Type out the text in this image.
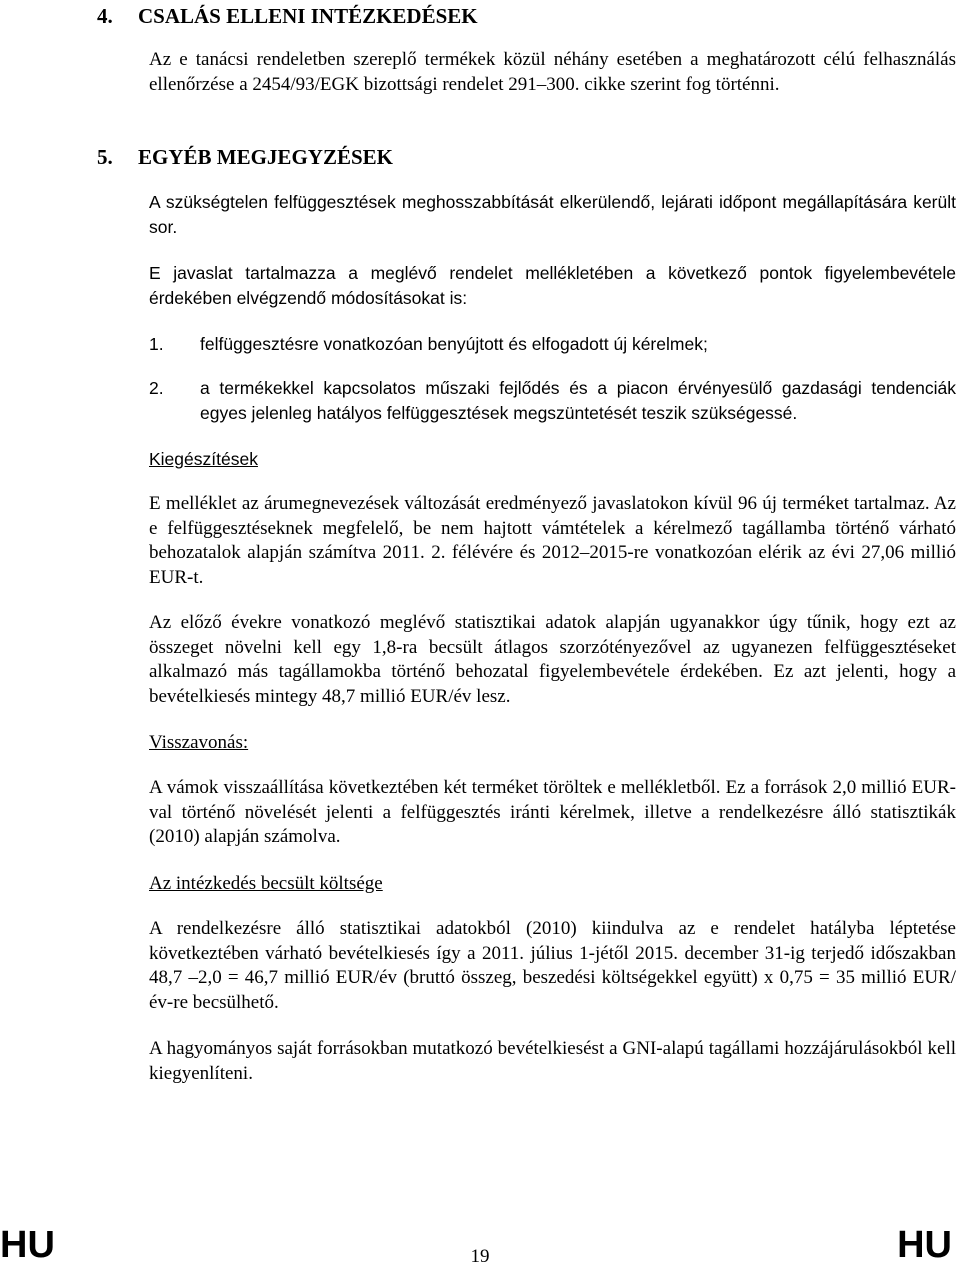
4. CSALÁS ELLENI INTÉZKEDÉSEK

Az e tanácsi rendeletben szereplő termékek közül néhány esetében a meghatározott célú felhasználás ellenőrzése a 2454/93/EGK bizottsági rendelet 291–300. cikke szerint fog történni.

5. EGYÉB MEGJEGYZÉSEK

A szükségtelen felfüggesztések meghosszabbítását elkerülendő, lejárati időpont megállapítására került sor.

E javaslat tartalmazza a meglévő rendelet mellékletében a következő pontok figyelembevétele érdekében elvégzendő módosításokat is:

1. felfüggesztésre vonatkozóan benyújtott és elfogadott új kérelmek;
2. a termékekkel kapcsolatos műszaki fejlődés és a piacon érvényesülő gazdasági tendenciák egyes jelenleg hatályos felfüggesztések megszüntetését teszik szükségessé.
Kiegészítések

E melléklet az árumegnevezések változását eredményező javaslatokon kívül 96 új terméket tartalmaz. Az e felfüggesztéseknek megfelelő, be nem hajtott vámtételek a kérelmező tagállamba történő várható behozatalok alapján számítva 2011. 2. félévére és 2012–2015-re vonatkozóan elérik az évi 27,06 millió EUR-t.

Az előző évekre vonatkozó meglévő statisztikai adatok alapján ugyanakkor úgy tűnik, hogy ezt az összeget növelni kell egy 1,8-ra becsült átlagos szorzótényezővel az ugyanezen felfüggesztéseket alkalmazó más tagállamokba történő behozatal figyelembevétele érdekében. Ez azt jelenti, hogy a bevételkiesés mintegy 48,7 millió EUR/év lesz.

Visszavonás:

A vámok visszaállítása következtében két terméket töröltek e mellékletből. Ez a források 2,0 millió EUR-val történő növelését jelenti a felfüggesztés iránti kérelmek, illetve a rendelkezésre álló statisztikák (2010) alapján számolva.

Az intézkedés becsült költsége

A rendelkezésre álló statisztikai adatokból (2010) kiindulva az e rendelet hatályba léptetése következtében várható bevételkiesés így a 2011. július 1-jétől 2015. december 31-ig terjedő időszakban 48,7 –2,0 = 46,7 millió EUR/év (bruttó összeg, beszedési költségekkel együtt) x 0,75 = 35 millió EUR/év-re becsülhető.

A hagyományos saját forrásokban mutatkozó bevételkiesést a GNI-alapú tagállami hozzájárulásokból kell kiegyenlíteni.

HU	19	HU
